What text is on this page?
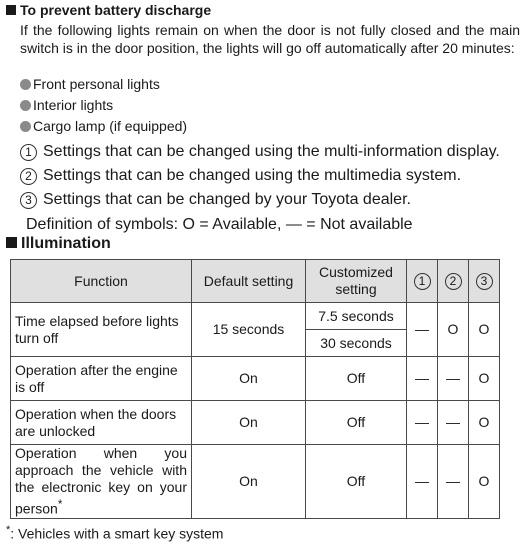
To prevent battery discharge
If the following lights remain on when the door is not fully closed and the main switch is in the door position, the lights will go off automatically after 20 minutes:
Front personal lights
Interior lights
Cargo lamp (if equipped)
1 Settings that can be changed using the multi-information display.
2 Settings that can be changed using the multimedia system.
3 Settings that can be changed by your Toyota dealer.
Definition of symbols: O = Available, — = Not available
Illumination
Function	Default setting	Customized setting	1	2	3
Time elapsed before lights turn off	15 seconds	7.5 seconds	—	O	O
		30 seconds			
Operation after the engine is off	On	Off	—	—	O
Operation when the doors are unlocked	On	Off	—	—	O
Operation when you approach the vehicle with the electronic key on your person*	On	Off	—	—	O
*: Vehicles with a smart key system
